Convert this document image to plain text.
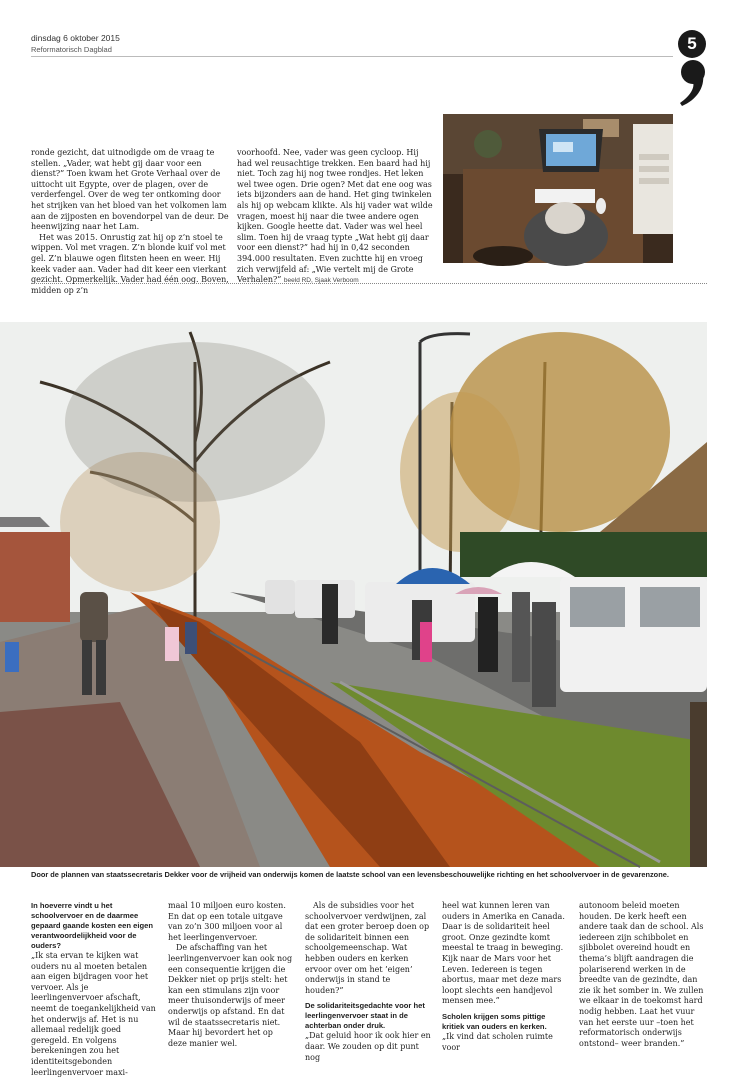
dinsdag 6 oktober 2015
Reformatorisch Dagblad	5

ronde gezicht, dat uitnodigde om de vraag te stellen. „Vader, wat hebt gij daar voor een dienst?” Toen kwam het Grote Verhaal over de uittocht uit Egypte, over de plagen, over de verderfengel. Over de weg ter ontkoming door het strijken van het bloed van het volkomen lam aan de zijposten en bovendorpel van de deur. De heenwijzing naar het Lam.

Het was 2015. Onrustig zat hij op z’n stoel te wippen. Vol met vragen. Z’n blonde kuif vol met gel. Z’n blauwe ogen flitsten heen en weer. Hij keek vader aan. Vader had dit keer een vierkant gezicht. Opmerkelijk. Vader had één oog. Boven, midden op z’n

voorhoofd. Nee, vader was geen cycloop. Hij had wel reusachtige trekken. Een baard had hij niet. Toch zag hij nog twee rondjes. Het leken wel twee ogen. Drie ogen? Met dat ene oog was iets bijzonders aan de hand. Het ging twinkelen als hij op webcam klikte. Als hij vader wat wilde vragen, moest hij naar die twee andere ogen kijken. Google heette dat. Vader was wel heel slim. Toen hij de vraag typte „Wat hebt gij daar voor een dienst?” had hij in 0,42 seconden 394.000 resultaten. Even zuchtte hij en vroeg zich verwijfeld af: „Wie vertelt mij de Grote Verhalen?” beeld RD, Sjaak Verboom

Door de plannen van staatssecretaris Dekker voor de vrijheid van onderwijs komen de laatste school van een levensbeschouwelijke richting en het schoolvervoer in de gevarenzone.

In hoeverre vindt u het schoolvervoer en de daarmee gepaard gaande kosten een eigen verantwoordelijkheid voor de ouders?

„Ik sta ervan te kijken wat ouders nu al moeten betalen aan eigen bijdragen voor het vervoer. Als je leerlingenvervoer afschaft, neemt de toegankelijkheid van het onderwijs af. Het is nu allemaal redelijk goed geregeld. En volgens berekeningen zou het identiteitsgebonden leerlingenvervoer maxi-

maal 10 miljoen euro kosten. En dat op een totale uitgave van zo’n 300 miljoen voor al het leerlingenvervoer.

De afschaffing van het leerlingenvervoer kan ook nog een consequentie krijgen die Dekker niet op prijs stelt: het kan een stimulans zijn voor meer thuisonderwijs of meer onderwijs op afstand. En dat wil de staatssecretaris niet. Maar hij bevordert het op deze manier wel.

Als de subsidies voor het schoolvervoer verdwijnen, zal dat een groter beroep doen op de solidariteit binnen een schoolgemeenschap. Wat hebben ouders en kerken ervoor over om het ’eigen’ onderwijs in stand te houden?”

De solidariteitsgedachte voor het leerlingenvervoer staat in de achterban onder druk.

„Dat geluid hoor ik ook hier en daar. We zouden op dit punt nog

heel wat kunnen leren van ouders in Amerika en Canada. Daar is de solidariteit heel groot. Onze gezindte komt meestal te traag in beweging. Kijk naar de Mars voor het Leven. Iedereen is tegen abortus, maar met deze mars loopt slechts een handjevol mensen mee.”

Scholen krijgen soms pittige kritiek van ouders en kerken.

„Ik vind dat scholen ruimte voor

autonoom beleid moeten houden. De kerk heeft een andere taak dan de school. Als iedereen zijn schibbolet en sjibbolet overeind houdt en thema’s blijft aandragen die polariserend werken in de breedte van de gezindte, dan zie ik het somber in. We zullen we elkaar in de toekomst hard nodig hebben. Laat het vuur van het eerste uur –toen het reformatorisch onderwijs ontstond– weer branden.”
